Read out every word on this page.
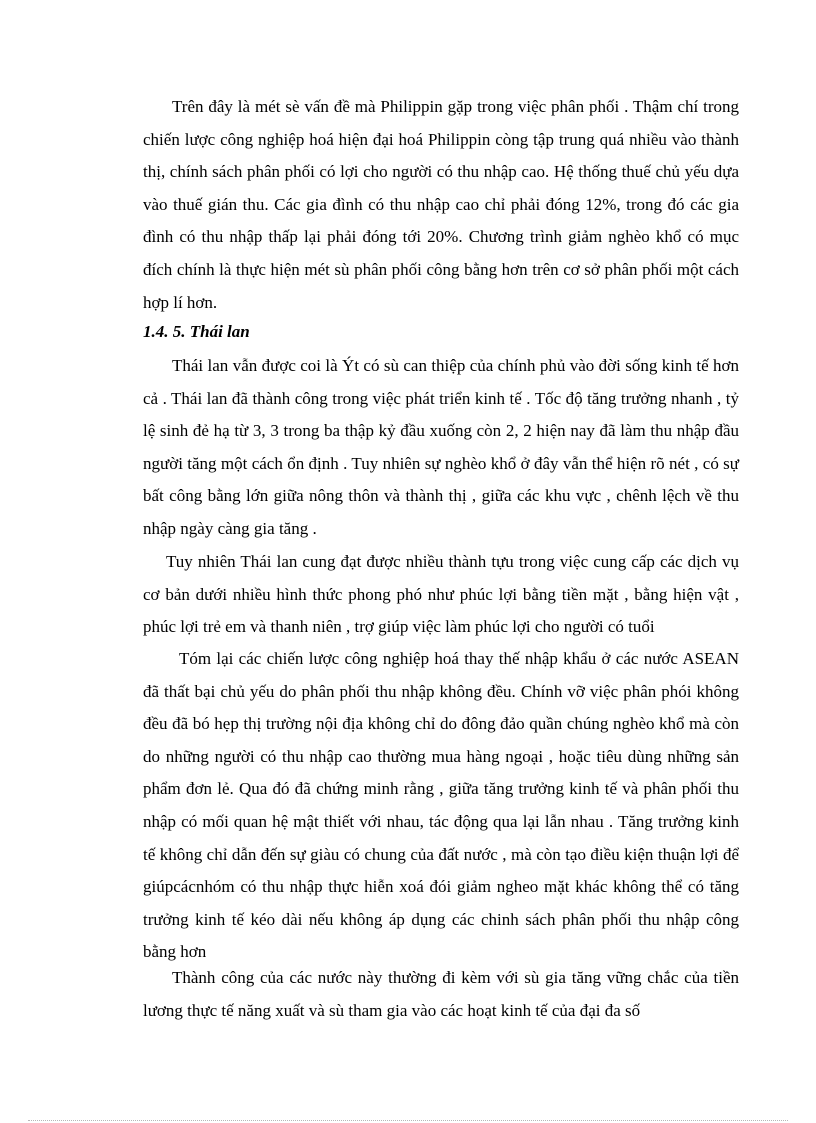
Trên đây là mét sè vấn đề mà Philippin gặp trong việc phân phối . Thậm chí trong chiến lược công nghiệp hoá hiện đại hoá Philippin còng tập trung quá nhiều vào thành thị, chính sách phân phối có lợi cho người có thu nhập cao. Hệ thống thuế chủ yếu dựa vào thuế gián thu. Các gia đình có thu nhập cao chỉ phải đóng 12%, trong đó các gia đình có thu nhập thấp lại phải đóng tới 20%. Chương trình giảm nghèo khổ có mục đích chính là thực hiện mét sù phân phối công bằng hơn trên cơ sở phân phối một cách hợp lí hơn.

1.4. 5. Thái lan

Thái lan vẫn được coi là Ýt có sù can thiệp của chính phủ vào đời sống kinh tế hơn cả . Thái lan đã thành công trong việc phát triển kinh tế . Tốc độ tăng trưởng nhanh , tỷ lệ sinh đẻ hạ từ 3, 3 trong ba thập kỷ đầu xuống còn 2, 2 hiện nay đã làm thu nhập đầu người tăng một cách ổn định . Tuy nhiên sự nghèo khổ ở đây vẫn thể hiện rõ nét , có sự bất công bằng lớn giữa nông thôn và thành thị , giữa các khu vực , chênh lệch về thu nhập ngày càng gia tăng .

Tuy nhiên Thái lan cung đạt được nhiều thành tựu trong việc cung cấp các dịch vụ cơ bản dưới nhiều hình thức phong phó như phúc lợi bằng tiền mặt , bằng hiện vật , phúc lợi trẻ em và thanh niên , trợ giúp việc làm phúc lợi cho người có tuổi

Tóm lại các chiến lược công nghiệp hoá thay thế nhập khẩu ở các nước ASEAN đã thất bại chủ yếu do phân phối thu nhập không đều. Chính vỡ việc phân phói không đều đã bó hẹp thị trường nội địa không chỉ do đông đảo quần chúng nghèo khổ mà còn do những người có thu nhập cao thường mua hàng ngoại , hoặc tiêu dùng những sản phẩm đơn lẻ. Qua đó đã chứng minh rằng , giữa tăng trưởng kinh tế và phân phối thu nhập có mối quan hệ mật thiết với nhau, tác động qua lại lẫn nhau . Tăng trưởng kinh tế không chỉ dẫn đến sự giàu có chung của đất nước , mà còn tạo điều kiện thuận lợi để giúpcácnhóm có thu nhập thực hiễn xoá đói giảm ngheo mặt khác không thể có tăng trưởng kinh tế kéo dài nếu không áp dụng các chinh sách phân phối thu nhập công bằng hơn

Thành công của các nước này thường đi kèm với sù gia tăng vững chắc của tiền lương thực tế năng xuất và sù tham gia vào các hoạt kinh tế của đại đa số
